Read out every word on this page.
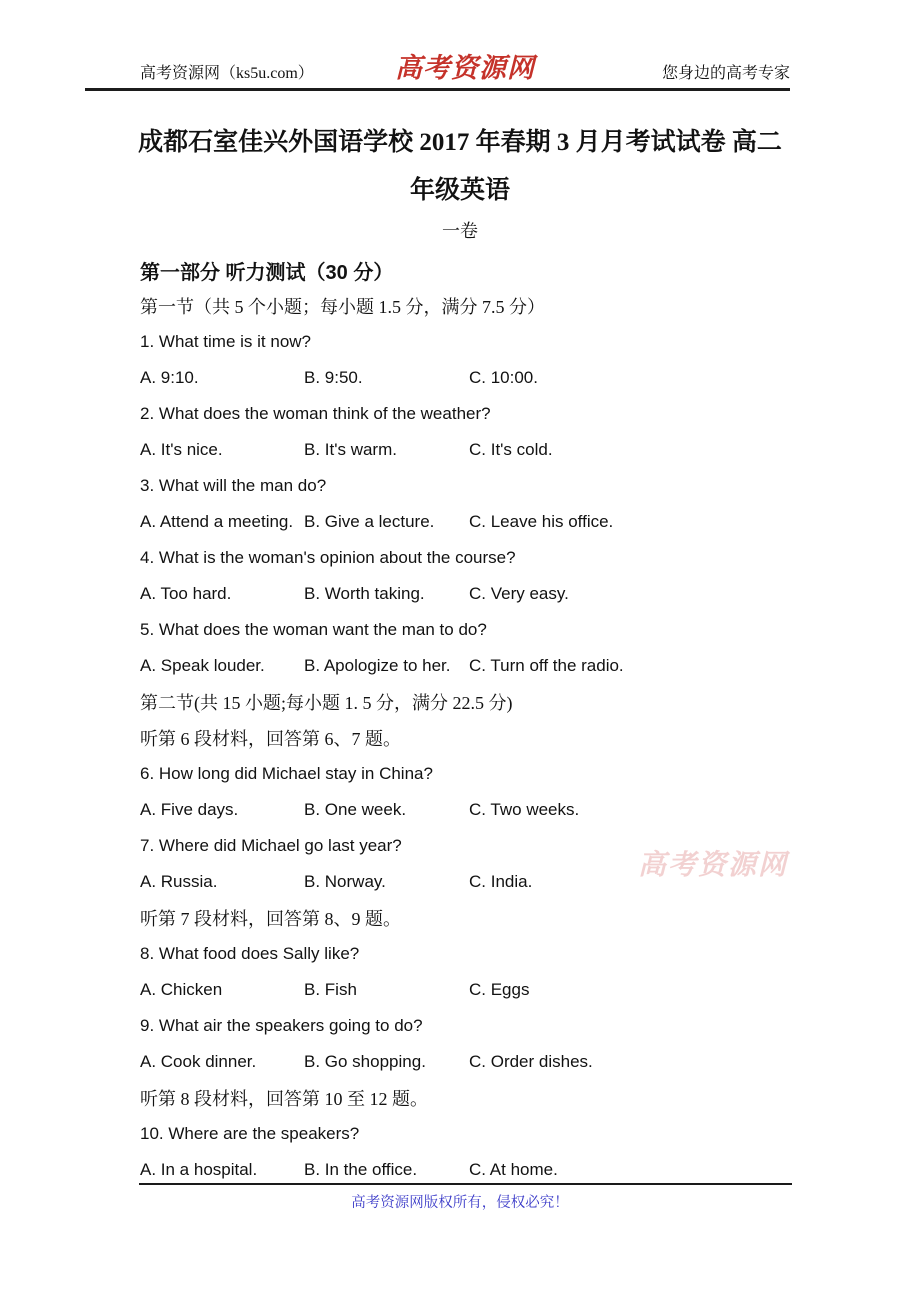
高考资源网（ks5u.com）	高考资源网	您身边的高考专家
成都石室佳兴外国语学校 2017 年春期 3 月月考试试卷 高二
年级英语
一卷
第一部分 听力测试（30 分）
第一节（共 5 个小题；每小题 1.5 分，满分 7.5 分）
1. What time is it now?
A. 9:10.	B. 9:50.	C. 10:00.
2. What does the woman think of the weather?
A. It's nice.	B. It's warm.	C. It's cold.
3. What will the man do?
A. Attend a meeting. B. Give a lecture.	C. Leave his office.
4. What is the woman's opinion about the course?
A. Too hard.	B. Worth taking.	C. Very easy.
5. What does the woman want the man to do?
A. Speak louder.	B. Apologize to her.	C. Turn off the radio.
第二节(共 15 小题;每小题 1. 5 分，满分 22.5 分)
听第 6 段材料，回答第 6、7 题。
6. How long did Michael stay in China?
A. Five days.	B. One week.	C. Two weeks.
7. Where did Michael go last year?
A. Russia.	B. Norway.	C. India.
听第 7 段材料，回答第 8、9 题。
8. What food does Sally like?
A. Chicken	B. Fish	C. Eggs
9. What air the speakers going to do?
A. Cook dinner.	B. Go shopping.	C. Order dishes.
听第 8 段材料，回答第 10 至 12 题。
10. Where are the speakers?
A. In a hospital.	B. In the office.	C. At home.
高考资源网
高考资源网版权所有，侵权必究！
